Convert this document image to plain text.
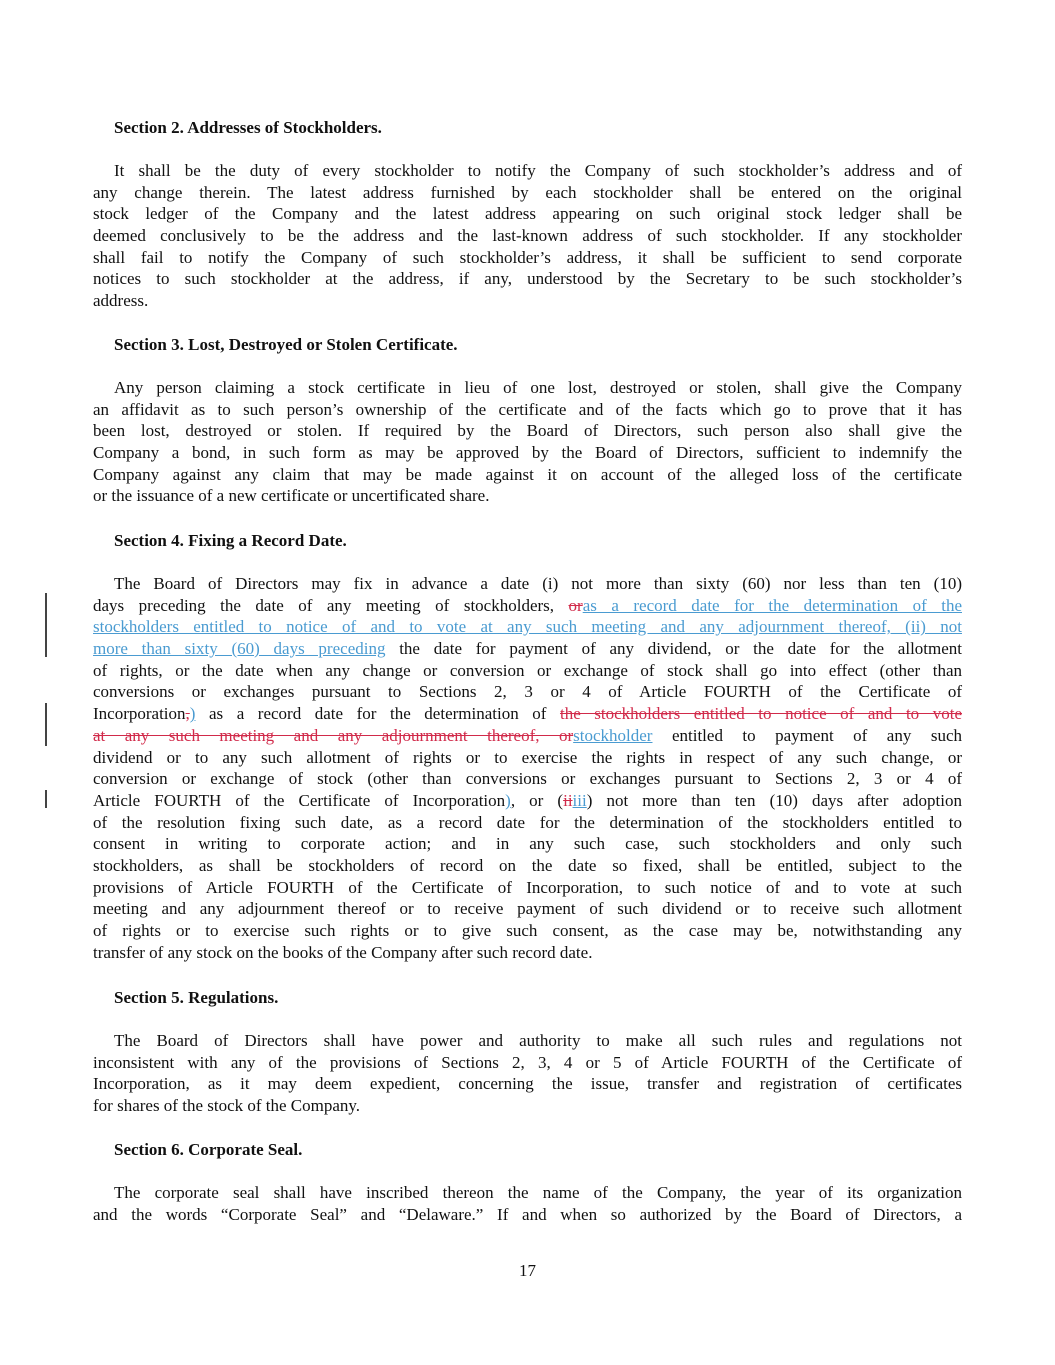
Section 2. Addresses of Stockholders.
It shall be the duty of every stockholder to notify the Company of such stockholder’s address and of
any change therein. The latest address furnished by each stockholder shall be entered on the original
stock ledger of the Company and the latest address appearing on such original stock ledger shall be
deemed conclusively to be the address and the last-known address of such stockholder. If any stockholder
shall fail to notify the Company of such stockholder’s address, it shall be sufficient to send corporate
notices to such stockholder at the address, if any, understood by the Secretary to be such stockholder’s
address.
Section 3. Lost, Destroyed or Stolen Certificate.
Any person claiming a stock certificate in lieu of one lost, destroyed or stolen, shall give the Company
an affidavit as to such person’s ownership of the certificate and of the facts which go to prove that it has
been lost, destroyed or stolen. If required by the Board of Directors, such person also shall give the
Company a bond, in such form as may be approved by the Board of Directors, sufficient to indemnify the
Company against any claim that may be made against it on account of the alleged loss of the certificate
or the issuance of a new certificate or uncertificated share.
Section 4. Fixing a Record Date.
The Board of Directors may fix in advance a date (i) not more than sixty (60) nor less than ten (10)
days preceding the date of any meeting of stockholders, oras a record date for the determination of the
stockholders entitled to notice of and to vote at any such meeting and any adjournment thereof, (ii) not
more than sixty (60) days preceding the date for payment of any dividend, or the date for the allotment
of rights, or the date when any change or conversion or exchange of stock shall go into effect (other than
conversions or exchanges pursuant to Sections 2, 3 or 4 of Article FOURTH of the Certificate of
Incorporation,) as a record date for the determination of the stockholders entitled to notice of and to vote
at any such meeting and any adjournment thereof, orstockholder entitled to payment of any such
dividend or to any such allotment of rights or to exercise the rights in respect of any such change, or
conversion or exchange of stock (other than conversions or exchanges pursuant to Sections 2, 3 or 4 of
Article FOURTH of the Certificate of Incorporation), or (iiiii) not more than ten (10) days after adoption
of the resolution fixing such date, as a record date for the determination of the stockholders entitled to
consent in writing to corporate action; and in any such case, such stockholders and only such
stockholders, as shall be stockholders of record on the date so fixed, shall be entitled, subject to the
provisions of Article FOURTH of the Certificate of Incorporation, to such notice of and to vote at such
meeting and any adjournment thereof or to receive payment of such dividend or to receive such allotment
of rights or to exercise such rights or to give such consent, as the case may be, notwithstanding any
transfer of any stock on the books of the Company after such record date.
Section 5. Regulations.
The Board of Directors shall have power and authority to make all such rules and regulations not
inconsistent with any of the provisions of Sections 2, 3, 4 or 5 of Article FOURTH of the Certificate of
Incorporation, as it may deem expedient, concerning the issue, transfer and registration of certificates
for shares of the stock of the Company.
Section 6. Corporate Seal.
The corporate seal shall have inscribed thereon the name of the Company, the year of its organization
and the words “Corporate Seal” and “Delaware.” If and when so authorized by the Board of Directors, a
17
